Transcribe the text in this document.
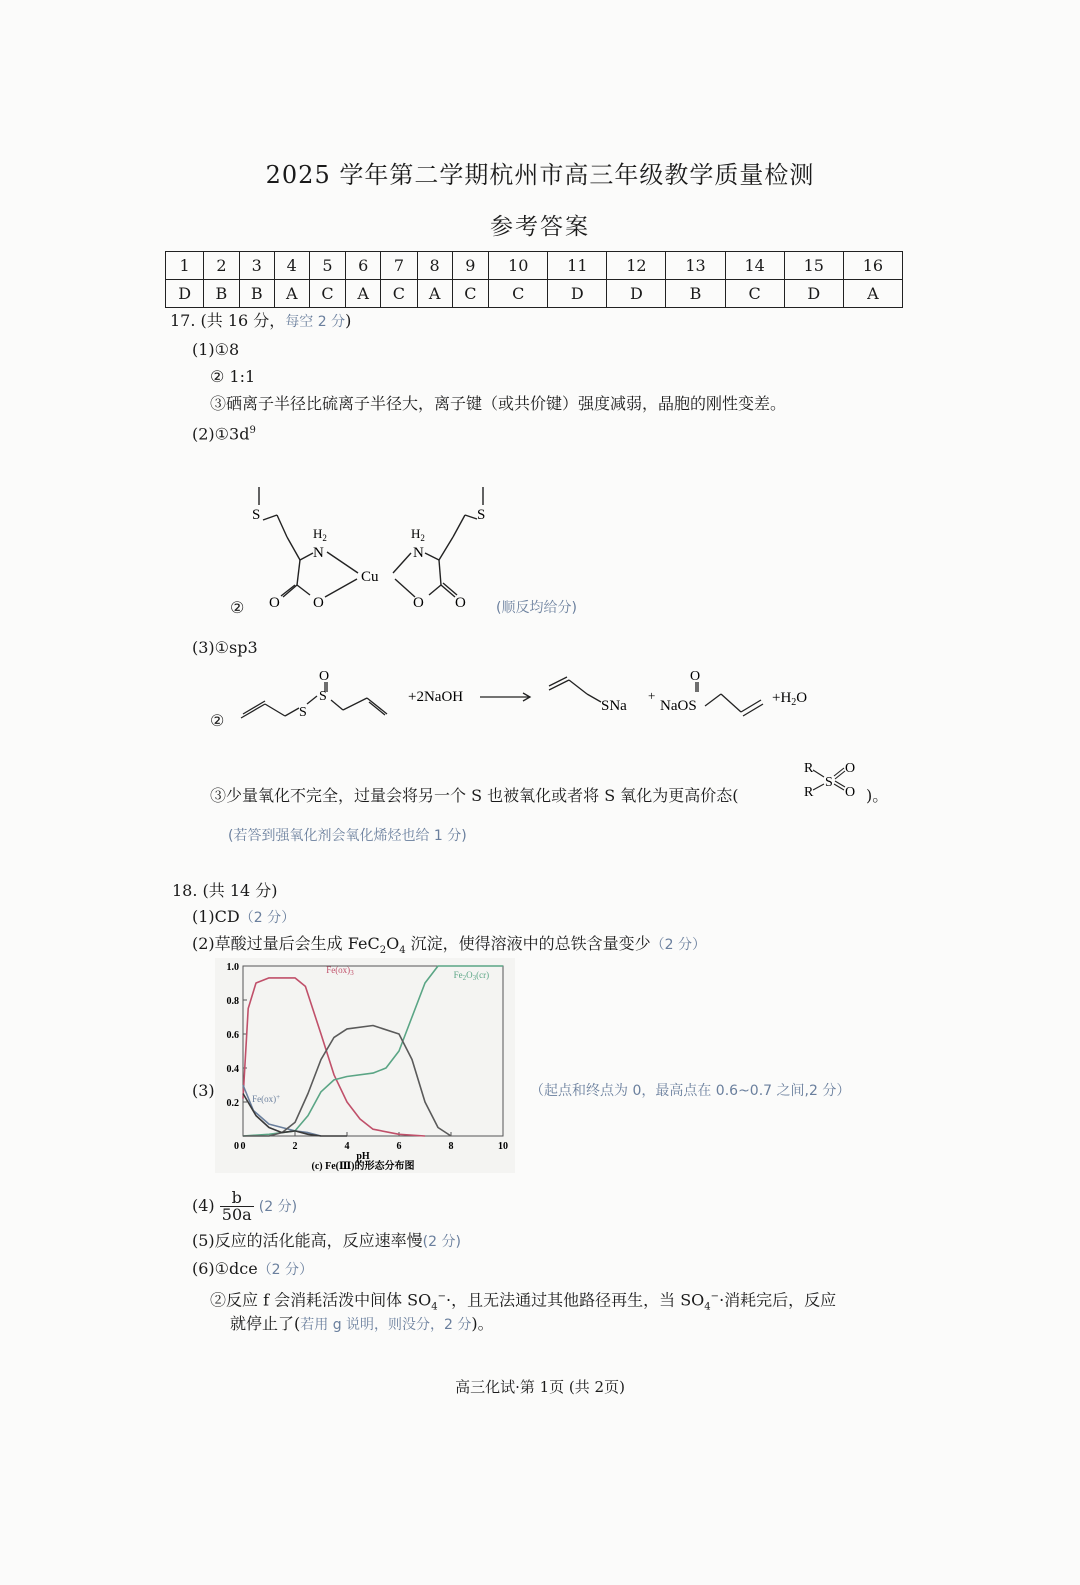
2025 学年第二学期杭州市高三年级教学质量检测
参考答案
1	2	3	4	5	6	7	8	9	10	11	12	13	14	15	16
D	B	B	A	C	A	C	A	C	C	D	D	B	C	D	A
17. (共 16 分，每空 2 分)
(1)①8
② 1:1
③硒离子半径比硫离子半径大，离子键（或共价键）强度减弱，晶胞的刚性变差。
$(2)①3d^9$
S
$H_2$
N
Cu
O O
$H_2$
N
O O
S
②	(顺反均给分)
(3)①sp3
②
O
S
S
+2NaOH
SNa
+
O
NaOS	$+H_2O$
③少量氧化不完全，过量会将另一个 S 也被氧化或者将 S 氧化为更高价态(
R
R
S
O
O )。
(若答到强氧化剂会氧化烯烃也给 1 分)
18. (共 14 分)
(1)CD（2 分）
(2)草酸过量后会生成 $FeC_2O_4$ 沉淀，使得溶液中的总铁含量变少（2 分）
(3)
0	2	4	6	8	10
1.0
0.8
0.6
0.4
0.2
0
pH
(c) Fe(Ⅲ)的形态分布图
$Fe(ox)_3$
Fe(ox)+
$Fe_2O_3(cr)$
（起点和终点为 0，最高点在 0.6~0.7 之间,2 分）
$(4) \frac{b}{50a} (2$ 分)
(5)反应的活化能高，反应速率慢(2 分)
(6)①dce（2 分）
②反应 f 会消耗活泼中间体 $SO_4^-\cdot$，且无法通过其他路径再生，当 $SO_4^-\cdot$消耗完后，反应
就停止了(若用 g 说明，则没分，2 分)。
高三化试·第 1页 (共 2页)
